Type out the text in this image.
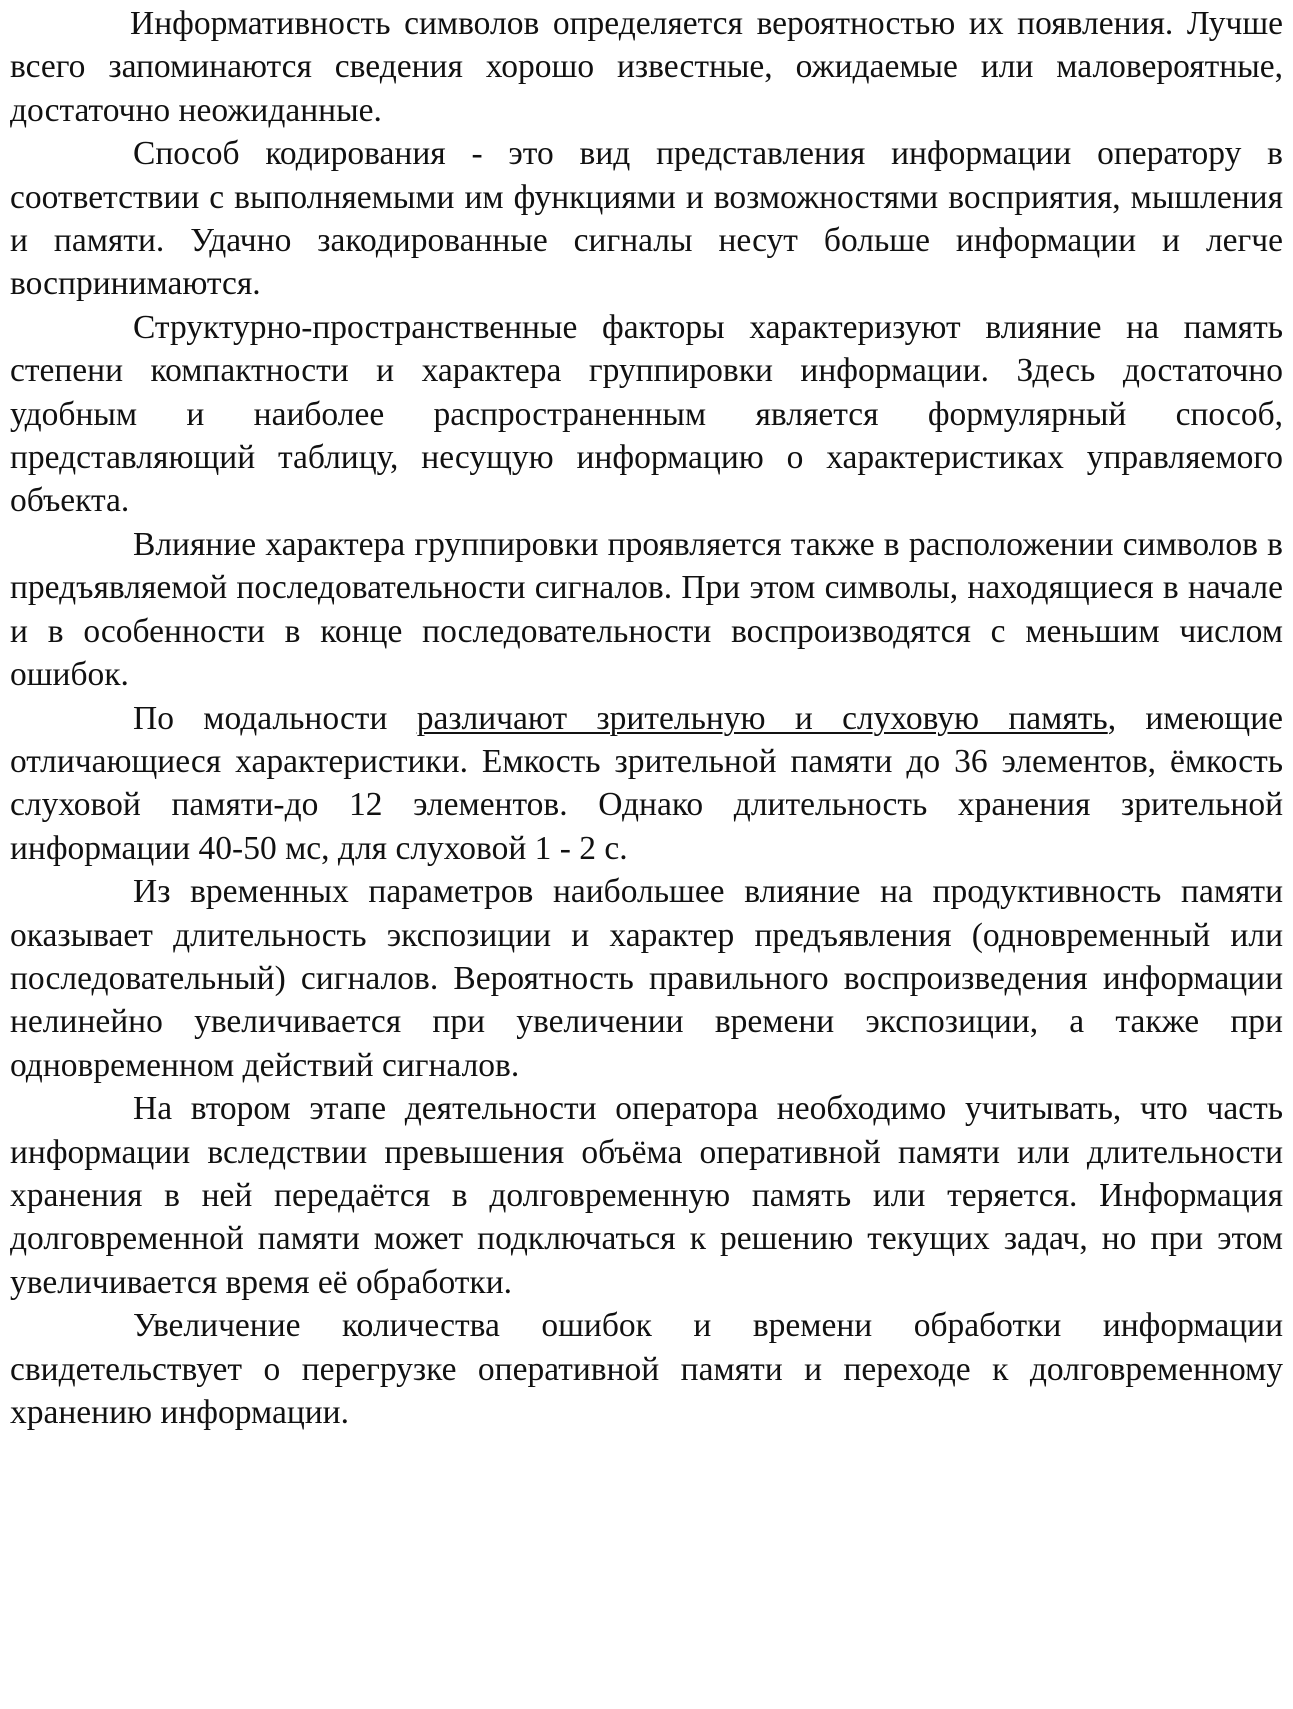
Информативность символов определяется вероятностью их появления. Лучше всего запоминаются сведения хорошо известные, ожидаемые или маловероятные, достаточно неожиданные.

Способ кодирования - это вид представления информации оператору в соответствии с выполняемыми им функциями и возможностями восприятия, мышления и памяти. Удачно закодированные сигналы несут больше информации и легче воспринимаются.

Структурно-пространственные факторы характеризуют влияние на память степени компактности и характера группировки информации. Здесь достаточно удобным и наиболее распространенным является формулярный способ, представляющий таблицу, несущую информацию о характеристиках управляемого объекта.

Влияние характера группировки проявляется также в расположении символов в предъявляемой последовательности сигналов. При этом символы, находящиеся в начале и в особенности в конце последовательности воспроизводятся с меньшим числом ошибок.

По модальности различают зрительную и слуховую память, имеющие отличающиеся характеристики. Емкость зрительной памяти до 36 элементов, ёмкость слуховой памяти-до 12 элементов. Однако длительность хранения зрительной информации 40-50 мс, для слуховой 1 - 2 с.

Из временных параметров наибольшее влияние на продуктивность памяти оказывает длительность экспозиции и характер предъявления (одновременный или последовательный) сигналов. Вероятность правильного воспроизведения информации нелинейно увеличивается при увеличении времени экспозиции, а также при одновременном действий сигналов.

На втором этапе деятельности оператора необходимо учитывать, что часть информации вследствии превышения объёма оперативной памяти или длительности хранения в ней передаётся в долговременную память или теряется. Информация долговременной памяти может подключаться к решению текущих задач, но при этом увеличивается время её обработки.

Увеличение количества ошибок и времени обработки информации свидетельствует о перегрузке оперативной памяти и переходе к долговременному хранению информации.
